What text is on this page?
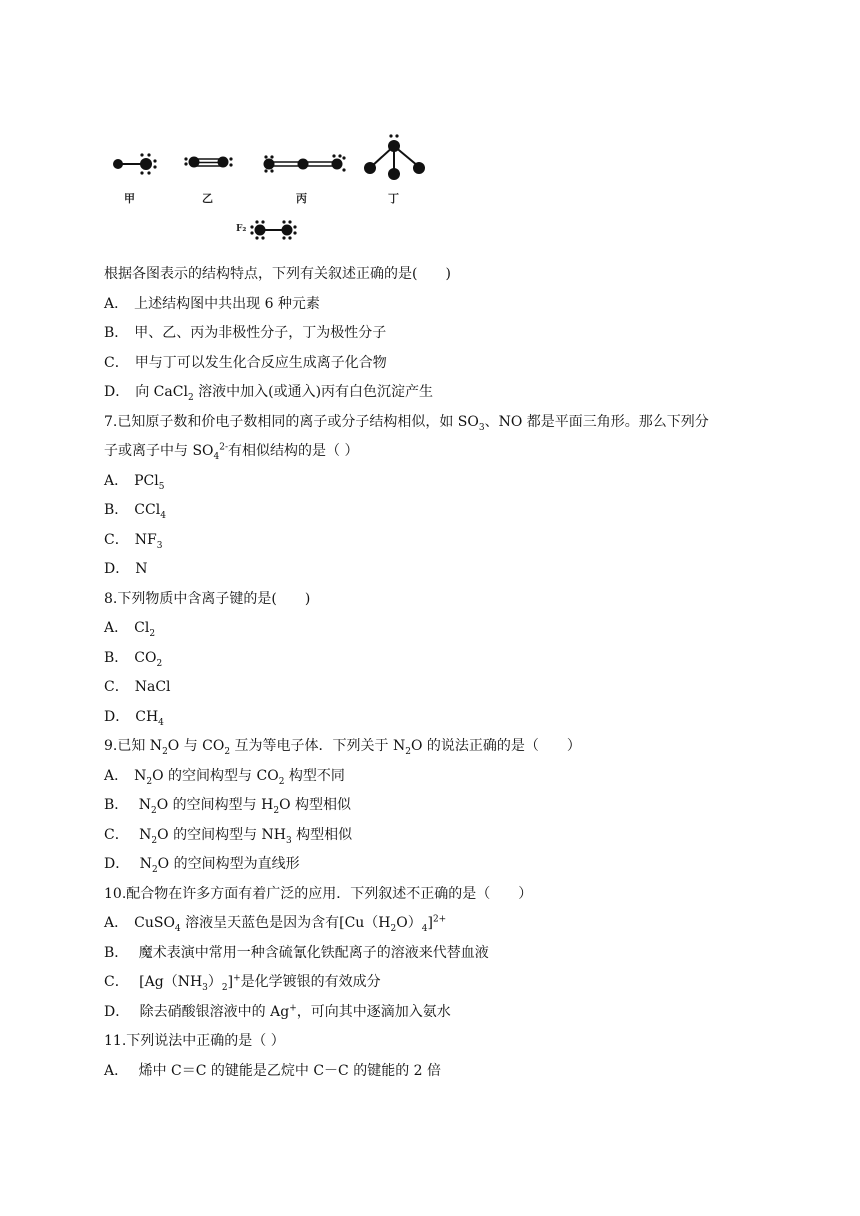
甲	乙	丙	丁
F₂
根据各图表示的结构特点，下列有关叙述正确的是(　　)
A． 上述结构图中共出现 6 种元素
B． 甲、乙、丙为非极性分子，丁为极性分子
C． 甲与丁可以发生化合反应生成离子化合物
D． 向 CaCl$_2$ 溶液中加入(或通入)丙有白色沉淀产生
7.已知原子数和价电子数相同的离子或分子结构相似，如 $SO_3$、NO 都是平面三角形。那么下列分
子或离子中与 $SO_4^{2-}$有相似结构的是（ ）
A． PCl$_5$
B． CCl$_4$
C． $NF_3$
D． N
8.下列物质中含离子键的是(　　)
A． $Cl_2$
B． $CO_2$
C． NaCl
D． $CH_4$
9.已知 $N_2O$ 与 $CO_2$ 互为等电子体．下列关于 $N_2O$ 的说法正确的是（　　）
A． $N_2O$ 的空间构型与 $CO_2$ 构型不同
B． $N_2O$ 的空间构型与 $H_2O$ 构型相似
C． $N_2O$ 的空间构型与 $NH_3$ 构型相似
D． $N_2O$ 的空间构型为直线形
10.配合物在许多方面有着广泛的应用．下列叙述不正确的是（　　）
A． CuSO$_4$ 溶液呈天蓝色是因为含有$[Cu(H_2O)_4]^{2+}$
B． 魔术表演中常用一种含硫氰化铁配离子的溶液来代替血液
C． $[Ag(NH_3)_2]^+$是化学镀银的有效成分
D． 除去硝酸银溶液中的 Ag+，可向其中逐滴加入氨水
11.下列说法中正确的是（ ）
A． 烯中 C＝C 的键能是乙烷中 C－C 的键能的 2 倍
